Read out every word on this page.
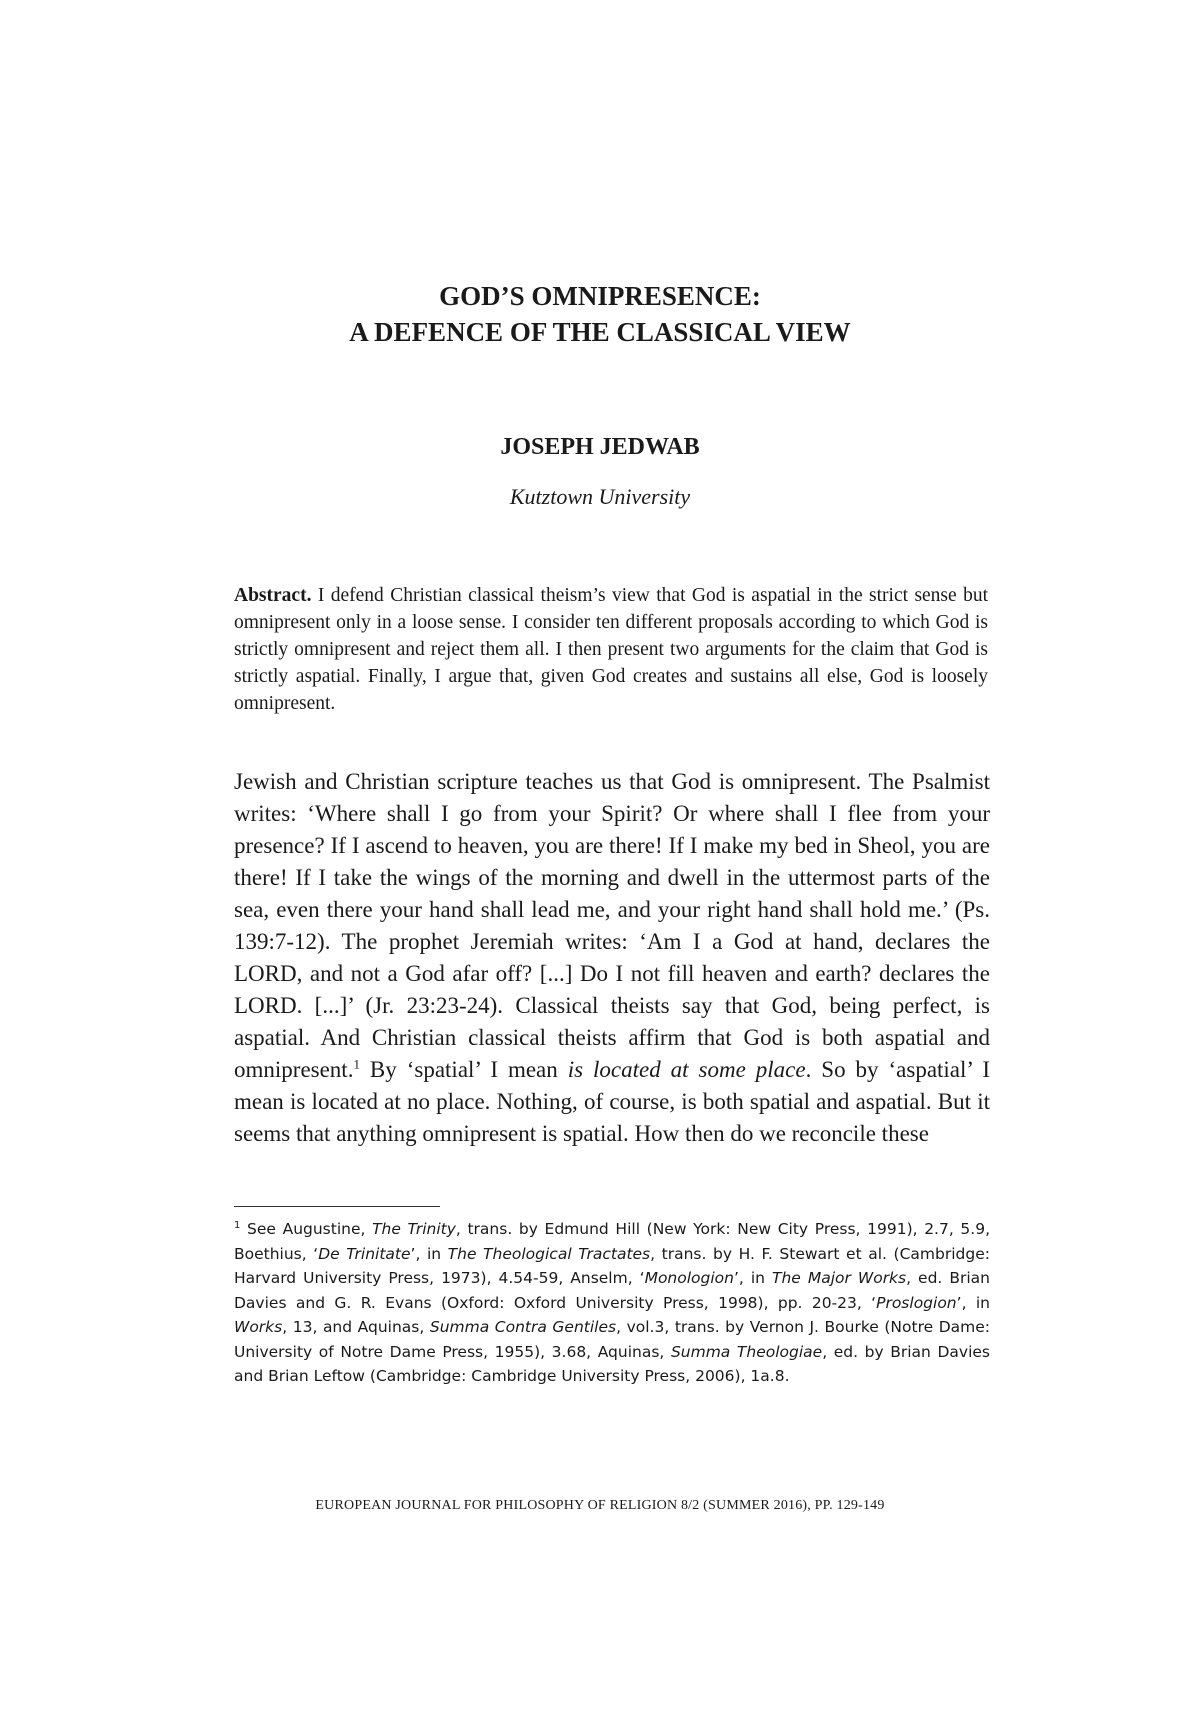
GOD’S OMNIPRESENCE:
A DEFENCE OF THE CLASSICAL VIEW
JOSEPH JEDWAB
Kutztown University

Abstract. I defend Christian classical theism’s view that God is aspatial in the strict sense but omnipresent only in a loose sense. I consider ten different proposals according to which God is strictly omnipresent and reject them all. I then present two arguments for the claim that God is strictly aspatial. Finally, I argue that, given God creates and sustains all else, God is loosely omnipresent.

Jewish and Christian scripture teaches us that God is omnipresent. The Psalmist writes: ‘Where shall I go from your Spirit? Or where shall I flee from your presence? If I ascend to heaven, you are there! If I make my bed in Sheol, you are there! If I take the wings of the morning and dwell in the uttermost parts of the sea, even there your hand shall lead me, and your right hand shall hold me.’ (Ps. 139:7-12). The prophet Jeremiah writes: ‘Am I a God at hand, declares the LORD, and not a God afar off? [...] Do I not fill heaven and earth? declares the LORD. [...]’ (Jr. 23:23-24). Classical theists say that God, being perfect, is aspatial. And Christian classical theists affirm that God is both aspatial and omnipresent.$^1$ By ‘spatial’ I mean is located at some place. So by ‘aspatial’ I mean is located at no place. Nothing, of course, is both spatial and aspatial. But it seems that anything omnipresent is spatial. How then do we reconcile these

$^1$ See Augustine, The Trinity, trans. by Edmund Hill (New York: New City Press, 1991), 2.7, 5.9, Boethius, ‘De Trinitate’, in The Theological Tractates, trans. by H. F. Stewart et al. (Cambridge: Harvard University Press, 1973), 4.54-59, Anselm, ‘Monologion’, in The Major Works, ed. Brian Davies and G. R. Evans (Oxford: Oxford University Press, 1998), pp. 20-23, ‘Proslogion’, in Works, 13, and Aquinas, Summa Contra Gentiles, vol.3, trans. by Vernon J. Bourke (Notre Dame: University of Notre Dame Press, 1955), 3.68, Aquinas, Summa Theologiae, ed. by Brian Davies and Brian Leftow (Cambridge: Cambridge University Press, 2006), 1a.8.

EUROPEAN JOURNAL FOR PHILOSOPHY OF RELIGION 8/2 (SUMMER 2016), PP. 129-149
